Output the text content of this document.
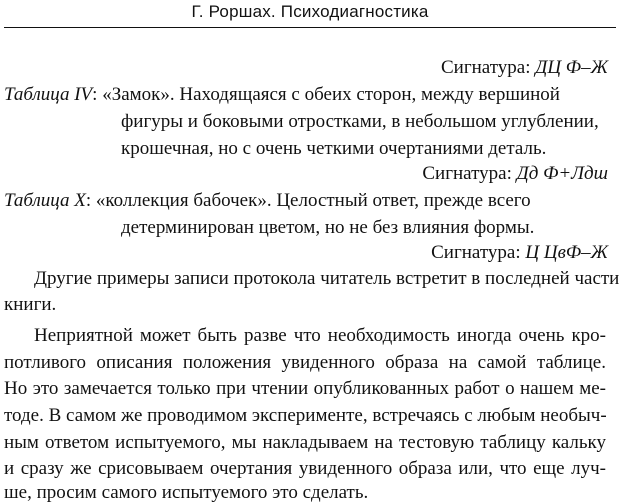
Г. Роршах. Психодиагностика
Сигнатура: ДЦ Ф–Ж
Таблица IV: «Замок». Находящаяся с обеих сторон, между вершиной
фигуры и боковыми отростками, в небольшом углублении,
крошечная, но с очень четкими очертаниями деталь.
Сигнатура: Дд Ф+Лдш
Таблица X: «коллекция бабочек». Целостный ответ, прежде всего
детерминирован цветом, но не без влияния формы.
Сигнатура: Ц ЦвФ–Ж
Другие примеры записи протокола читатель встретит в последней части
книги.
Неприятной может быть разве что необходимость иногда очень кро-
потливого описания положения увиденного образа на самой таблице.
Но это замечается только при чтении опубликованных работ о нашем ме-
тоде. В самом же проводимом эксперименте, встречаясь с любым необыч-
ным ответом испытуемого, мы накладываем на тестовую таблицу кальку
и сразу же срисовываем очертания увиденного образа или, что еще луч-
ше, просим самого испытуемого это сделать.
